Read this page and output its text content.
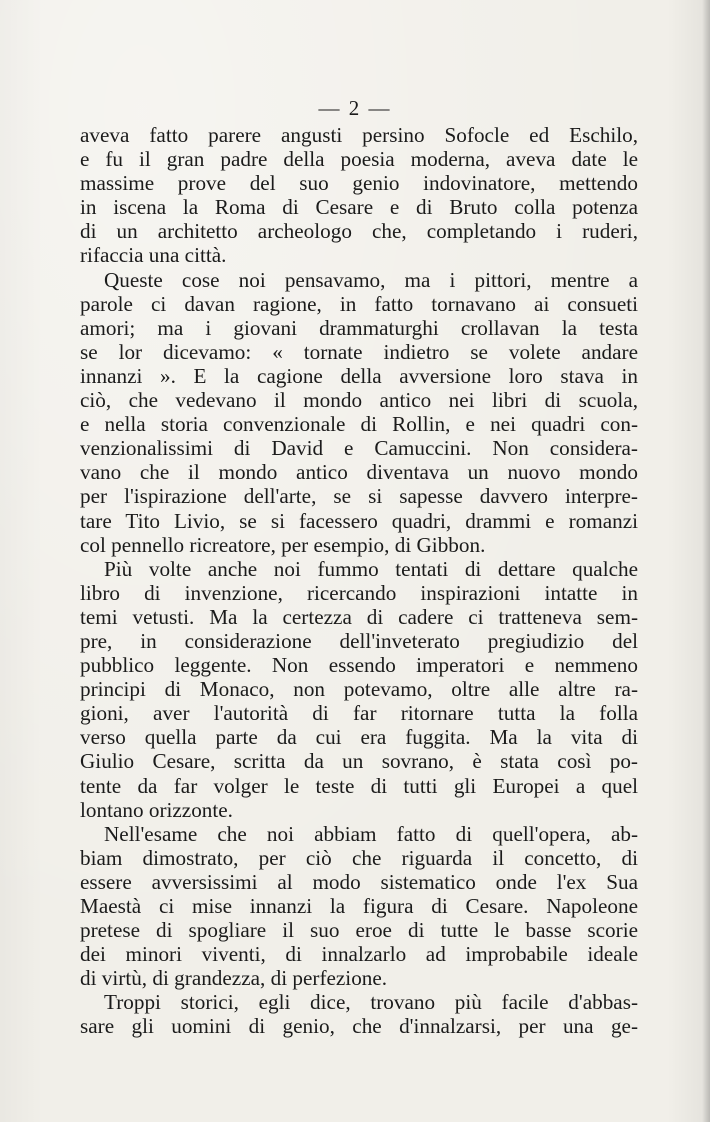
— 2 —
aveva fatto parere angusti persino Sofocle ed Eschilo,
e fu il gran padre della poesia moderna, aveva date le
massime prove del suo genio indovinatore, mettendo
in iscena la Roma di Cesare e di Bruto colla potenza
di un architetto archeologo che, completando i ruderi,
rifaccia una città.
Queste cose noi pensavamo, ma i pittori, mentre a
parole ci davan ragione, in fatto tornavano ai consueti
amori; ma i giovani drammaturghi crollavan la testa
se lor dicevamo: « tornate indietro se volete andare
innanzi ». E la cagione della avversione loro stava in
ciò, che vedevano il mondo antico nei libri di scuola,
e nella storia convenzionale di Rollin, e nei quadri con-
venzionalissimi di David e Camuccini. Non considera-
vano che il mondo antico diventava un nuovo mondo
per l'ispirazione dell'arte, se si sapesse davvero interpre-
tare Tito Livio, se si facessero quadri, drammi e romanzi
col pennello ricreatore, per esempio, di Gibbon.
Più volte anche noi fummo tentati di dettare qualche
libro di invenzione, ricercando inspirazioni intatte in
temi vetusti. Ma la certezza di cadere ci tratteneva sem-
pre, in considerazione dell'inveterato pregiudizio del
pubblico leggente. Non essendo imperatori e nemmeno
principi di Monaco, non potevamo, oltre alle altre ra-
gioni, aver l'autorità di far ritornare tutta la folla
verso quella parte da cui era fuggita. Ma la vita di
Giulio Cesare, scritta da un sovrano, è stata così po-
tente da far volger le teste di tutti gli Europei a quel
lontano orizzonte.
Nell'esame che noi abbiam fatto di quell'opera, ab-
biam dimostrato, per ciò che riguarda il concetto, di
essere avversissimi al modo sistematico onde l'ex Sua
Maestà ci mise innanzi la figura di Cesare. Napoleone
pretese di spogliare il suo eroe di tutte le basse scorie
dei minori viventi, di innalzarlo ad improbabile ideale
di virtù, di grandezza, di perfezione.
Troppi storici, egli dice, trovano più facile d'abbas-
sare gli uomini di genio, che d'innalzarsi, per una ge-
